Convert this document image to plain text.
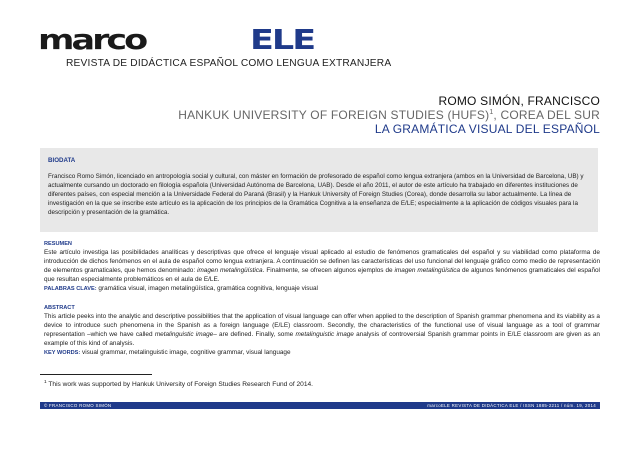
marco	ELE
REVISTA DE DIDÁCTICA ESPAÑOL COMO LENGUA EXTRANJERA
ROMO SIMÓN, FRANCISCO
HANKUK UNIVERSITY OF FOREIGN STUDIES (HUFS)$^1$, COREA DEL SUR
LA GRAMÁTICA VISUAL DEL ESPAÑOL
BIODATA
Francisco Romo Simón, licenciado en antropología social y cultural, con máster en formación de profesorado de español como lengua extranjera (ambos en la Universidad de Barcelona, UB) y actualmente cursando un doctorado en filología española (Universidad Autónoma de Barcelona, UAB). Desde el año 2011, el autor de este artículo ha trabajado en diferentes instituciones de diferentes países, con especial mención a la Universidade Federal do Paraná (Brasil) y la Hankuk University of Foreign Studies (Corea), donde desarrolla su labor actualmente. La línea de investigación en la que se inscribe este artículo es la aplicación de los principios de la Gramática Cognitiva a la enseñanza de E/LE; especialmente a la aplicación de códigos visuales para la descripción y presentación de la gramática.
RESUMEN
Este artículo investiga las posibilidades analíticas y descriptivas que ofrece el lenguaje visual aplicado al estudio de fenómenos gramaticales del español y su viabilidad como plataforma de introducción de dichos fenómenos en el aula de español como lengua extranjera. A continuación se definen las características del uso funcional del lenguaje gráfico como medio de representación de elementos gramaticales, que hemos denominado: imagen metalingüística. Finalmente, se ofrecen algunos ejemplos de imagen metalingüística de algunos fenómenos gramaticales del español que resultan especialmente problemáticos en el aula de E/LE.
PALABRAS CLAVE: gramática visual, imagen metalingüística, gramática cognitiva, lenguaje visual
ABSTRACT
This article peeks into the analytic and descriptive possibilities that the application of visual language can offer when applied to the description of Spanish grammar phenomena and its viability as a device to introduce such phenomena in the Spanish as a foreign language (E/LE) classroom. Secondly, the characteristics of the functional use of visual language as a tool of grammar representation –which we have called metalinguistic image– are defined. Finally, some metalinguistic image analysis of controversial Spanish grammar points in E/LE classroom are given as an example of this kind of analysis.
KEY WORDS: visual grammar, metalinguistic image, cognitive grammar, visual language
$^1$ This work was supported by Hankuk University of Foreign Studies Research Fund of 2014.
© FRANCISCO ROMO SIMÓN	marcoELE REVISTA DE DIDÁCTICA ELE / ISSN 1885-2211 / núm. 19, 2014
